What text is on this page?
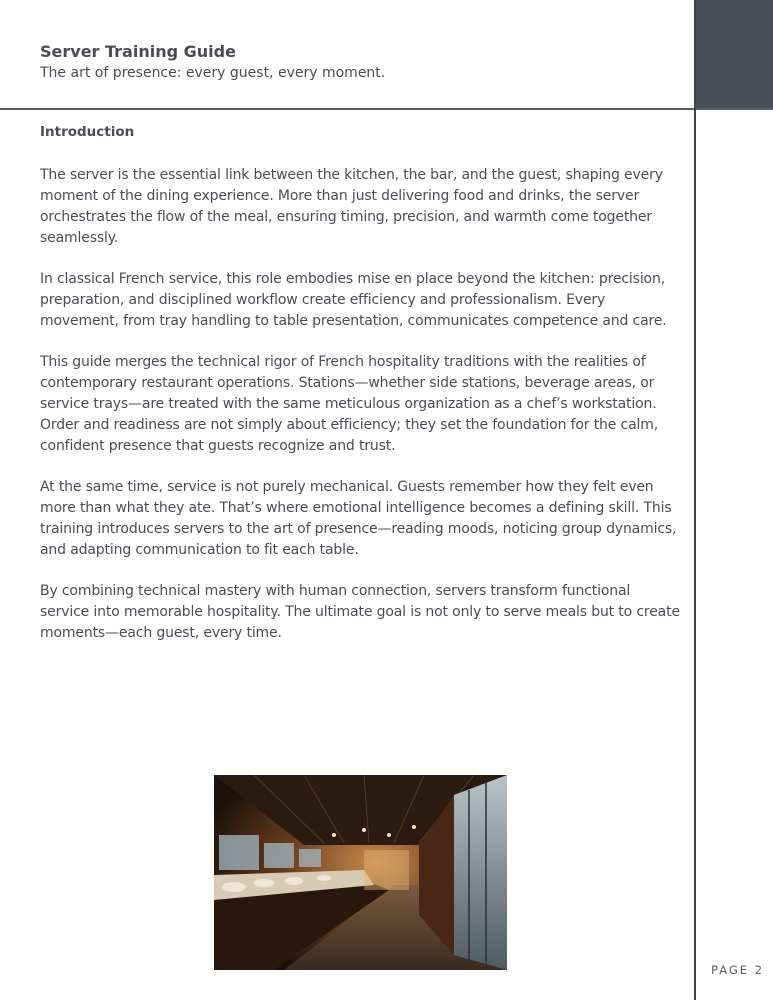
Server Training Guide

The art of presence: every guest, every moment.

Introduction

The server is the essential link between the kitchen, the bar, and the guest, shaping every moment of the dining experience. More than just delivering food and drinks, the server orchestrates the flow of the meal, ensuring timing, precision, and warmth come together seamlessly.

In classical French service, this role embodies mise en place beyond the kitchen: precision, preparation, and disciplined workflow create efficiency and professionalism. Every movement, from tray handling to table presentation, communicates competence and care.

This guide merges the technical rigor of French hospitality traditions with the realities of contemporary restaurant operations. Stations—whether side stations, beverage areas, or service trays—are treated with the same meticulous organization as a chef’s workstation. Order and readiness are not simply about efficiency; they set the foundation for the calm, confident presence that guests recognize and trust.

At the same time, service is not purely mechanical. Guests remember how they felt even more than what they ate. That’s where emotional intelligence becomes a defining skill. This training introduces servers to the art of presence—reading moods, noticing group dynamics, and adapting communication to fit each table.

By combining technical mastery with human connection, servers transform functional service into memorable hospitality. The ultimate goal is not only to serve meals but to create moments—each guest, every time.

PAGE 2
